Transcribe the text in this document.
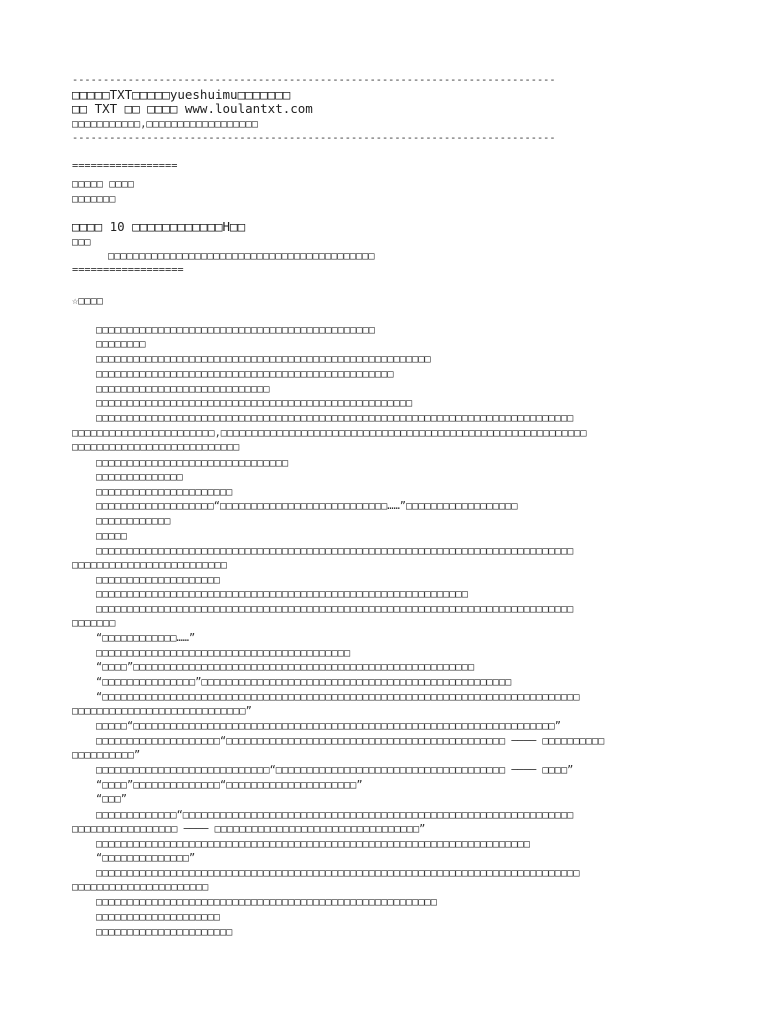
------------------------------------------------------------------------------
□□□□□TXT□□□□□yueshuimu□□□□□□□
□□ TXT □□ □□□□ www.loulantxt.com
□□□□□□□□□□□,□□□□□□□□□□□□□□□□□□
------------------------------------------------------------------------------
=================
□□□□□ □□□□
□□□□□□□
□□□□ 10 □□□□□□□□□□□□H□□
□□□
□□□□□□□□□□□□□□□□□□□□□□□□□□□□□□□□□□□□□□□□□□□
==================
☆□□□□
□□□□□□□□□□□□□□□□□□□□□□□□□□□□□□□□□□□□□□□□□□□□□
□□□□□□□□
□□□□□□□□□□□□□□□□□□□□□□□□□□□□□□□□□□□□□□□□□□□□□□□□□□□□□□
□□□□□□□□□□□□□□□□□□□□□□□□□□□□□□□□□□□□□□□□□□□□□□□□
□□□□□□□□□□□□□□□□□□□□□□□□□□□□
□□□□□□□□□□□□□□□□□□□□□□□□□□□□□□□□□□□□□□□□□□□□□□□□□□□
□□□□□□□□□□□□□□□□□□□□□□□□□□□□□□□□□□□□□□□□□□□□□□□□□□□□□□□□□□□□□□□□□□□□□□□□□□□□□
□□□□□□□□□□□□□□□□□□□□□□□,□□□□□□□□□□□□□□□□□□□□□□□□□□□□□□□□□□□□□□□□□□□□□□□□□□□□□□□□□□□
□□□□□□□□□□□□□□□□□□□□□□□□□□□
□□□□□□□□□□□□□□□□□□□□□□□□□□□□□□□
□□□□□□□□□□□□□□
□□□□□□□□□□□□□□□□□□□□□□
□□□□□□□□□□□□□□□□□□□“□□□□□□□□□□□□□□□□□□□□□□□□□□□……”□□□□□□□□□□□□□□□□□□
□□□□□□□□□□□□
□□□□□
□□□□□□□□□□□□□□□□□□□□□□□□□□□□□□□□□□□□□□□□□□□□□□□□□□□□□□□□□□□□□□□□□□□□□□□□□□□□□
□□□□□□□□□□□□□□□□□□□□□□□□□
□□□□□□□□□□□□□□□□□□□□
□□□□□□□□□□□□□□□□□□□□□□□□□□□□□□□□□□□□□□□□□□□□□□□□□□□□□□□□□□□□
□□□□□□□□□□□□□□□□□□□□□□□□□□□□□□□□□□□□□□□□□□□□□□□□□□□□□□□□□□□□□□□□□□□□□□□□□□□□□
□□□□□□□
“□□□□□□□□□□□□……”
□□□□□□□□□□□□□□□□□□□□□□□□□□□□□□□□□□□□□□□□□
“□□□□”□□□□□□□□□□□□□□□□□□□□□□□□□□□□□□□□□□□□□□□□□□□□□□□□□□□□□□□
“□□□□□□□□□□□□□□□”□□□□□□□□□□□□□□□□□□□□□□□□□□□□□□□□□□□□□□□□□□□□□□□□□□
“□□□□□□□□□□□□□□□□□□□□□□□□□□□□□□□□□□□□□□□□□□□□□□□□□□□□□□□□□□□□□□□□□□□□□□□□□□□□□
□□□□□□□□□□□□□□□□□□□□□□□□□□□□”
□□□□□“□□□□□□□□□□□□□□□□□□□□□□□□□□□□□□□□□□□□□□□□□□□□□□□□□□□□□□□□□□□□□□□□□□□□”
□□□□□□□□□□□□□□□□□□□□“□□□□□□□□□□□□□□□□□□□□□□□□□□□□□□□□□□□□□□□□□□□□□ ──── □□□□□□□□□□
□□□□□□□□□□”
□□□□□□□□□□□□□□□□□□□□□□□□□□□□“□□□□□□□□□□□□□□□□□□□□□□□□□□□□□□□□□□□□□ ──── □□□□”
“□□□□”□□□□□□□□□□□□□□“□□□□□□□□□□□□□□□□□□□□□”
“□□□”
□□□□□□□□□□□□□“□□□□□□□□□□□□□□□□□□□□□□□□□□□□□□□□□□□□□□□□□□□□□□□□□□□□□□□□□□□□□□□
□□□□□□□□□□□□□□□□□ ──── □□□□□□□□□□□□□□□□□□□□□□□□□□□□□□□□□”
□□□□□□□□□□□□□□□□□□□□□□□□□□□□□□□□□□□□□□□□□□□□□□□□□□□□□□□□□□□□□□□□□□□□□□
“□□□□□□□□□□□□□□”
□□□□□□□□□□□□□□□□□□□□□□□□□□□□□□□□□□□□□□□□□□□□□□□□□□□□□□□□□□□□□□□□□□□□□□□□□□□□□□
□□□□□□□□□□□□□□□□□□□□□□
□□□□□□□□□□□□□□□□□□□□□□□□□□□□□□□□□□□□□□□□□□□□□□□□□□□□□□□
□□□□□□□□□□□□□□□□□□□□
□□□□□□□□□□□□□□□□□□□□□□
